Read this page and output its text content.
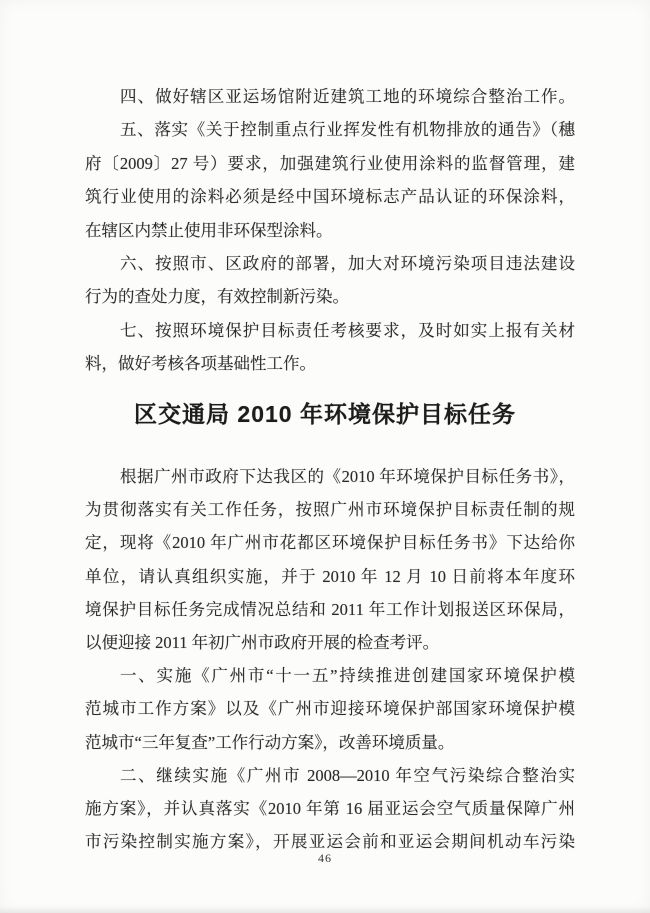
四、做好辖区亚运场馆附近建筑工地的环境综合整治工作。
五、落实《关于控制重点行业挥发性有机物排放的通告》（穗
府〔2009〕27 号）要求，加强建筑行业使用涂料的监督管理，建
筑行业使用的涂料必须是经中国环境标志产品认证的环保涂料，
在辖区内禁止使用非环保型涂料。
六、按照市、区政府的部署，加大对环境污染项目违法建设
行为的查处力度，有效控制新污染。
七、按照环境保护目标责任考核要求，及时如实上报有关材
料，做好考核各项基础性工作。
区交通局 2010 年环境保护目标任务
根据广州市政府下达我区的《2010 年环境保护目标任务书》，
为贯彻落实有关工作任务，按照广州市环境保护目标责任制的规
定，现将《2010 年广州市花都区环境保护目标任务书》下达给你
单位，请认真组织实施，并于 2010 年 12 月 10 日前将本年度环
境保护目标任务完成情况总结和 2011 年工作计划报送区环保局，
以便迎接 2011 年初广州市政府开展的检查考评。
一、实施《广州市“十一五”持续推进创建国家环境保护模
范城市工作方案》以及《广州市迎接环境保护部国家环境保护模
范城市“三年复查”工作行动方案》，改善环境质量。
二、继续实施《广州市 2008—2010 年空气污染综合整治实
施方案》，并认真落实《2010 年第 16 届亚运会空气质量保障广州
市污染控制实施方案》，开展亚运会前和亚运会期间机动车污染
46
